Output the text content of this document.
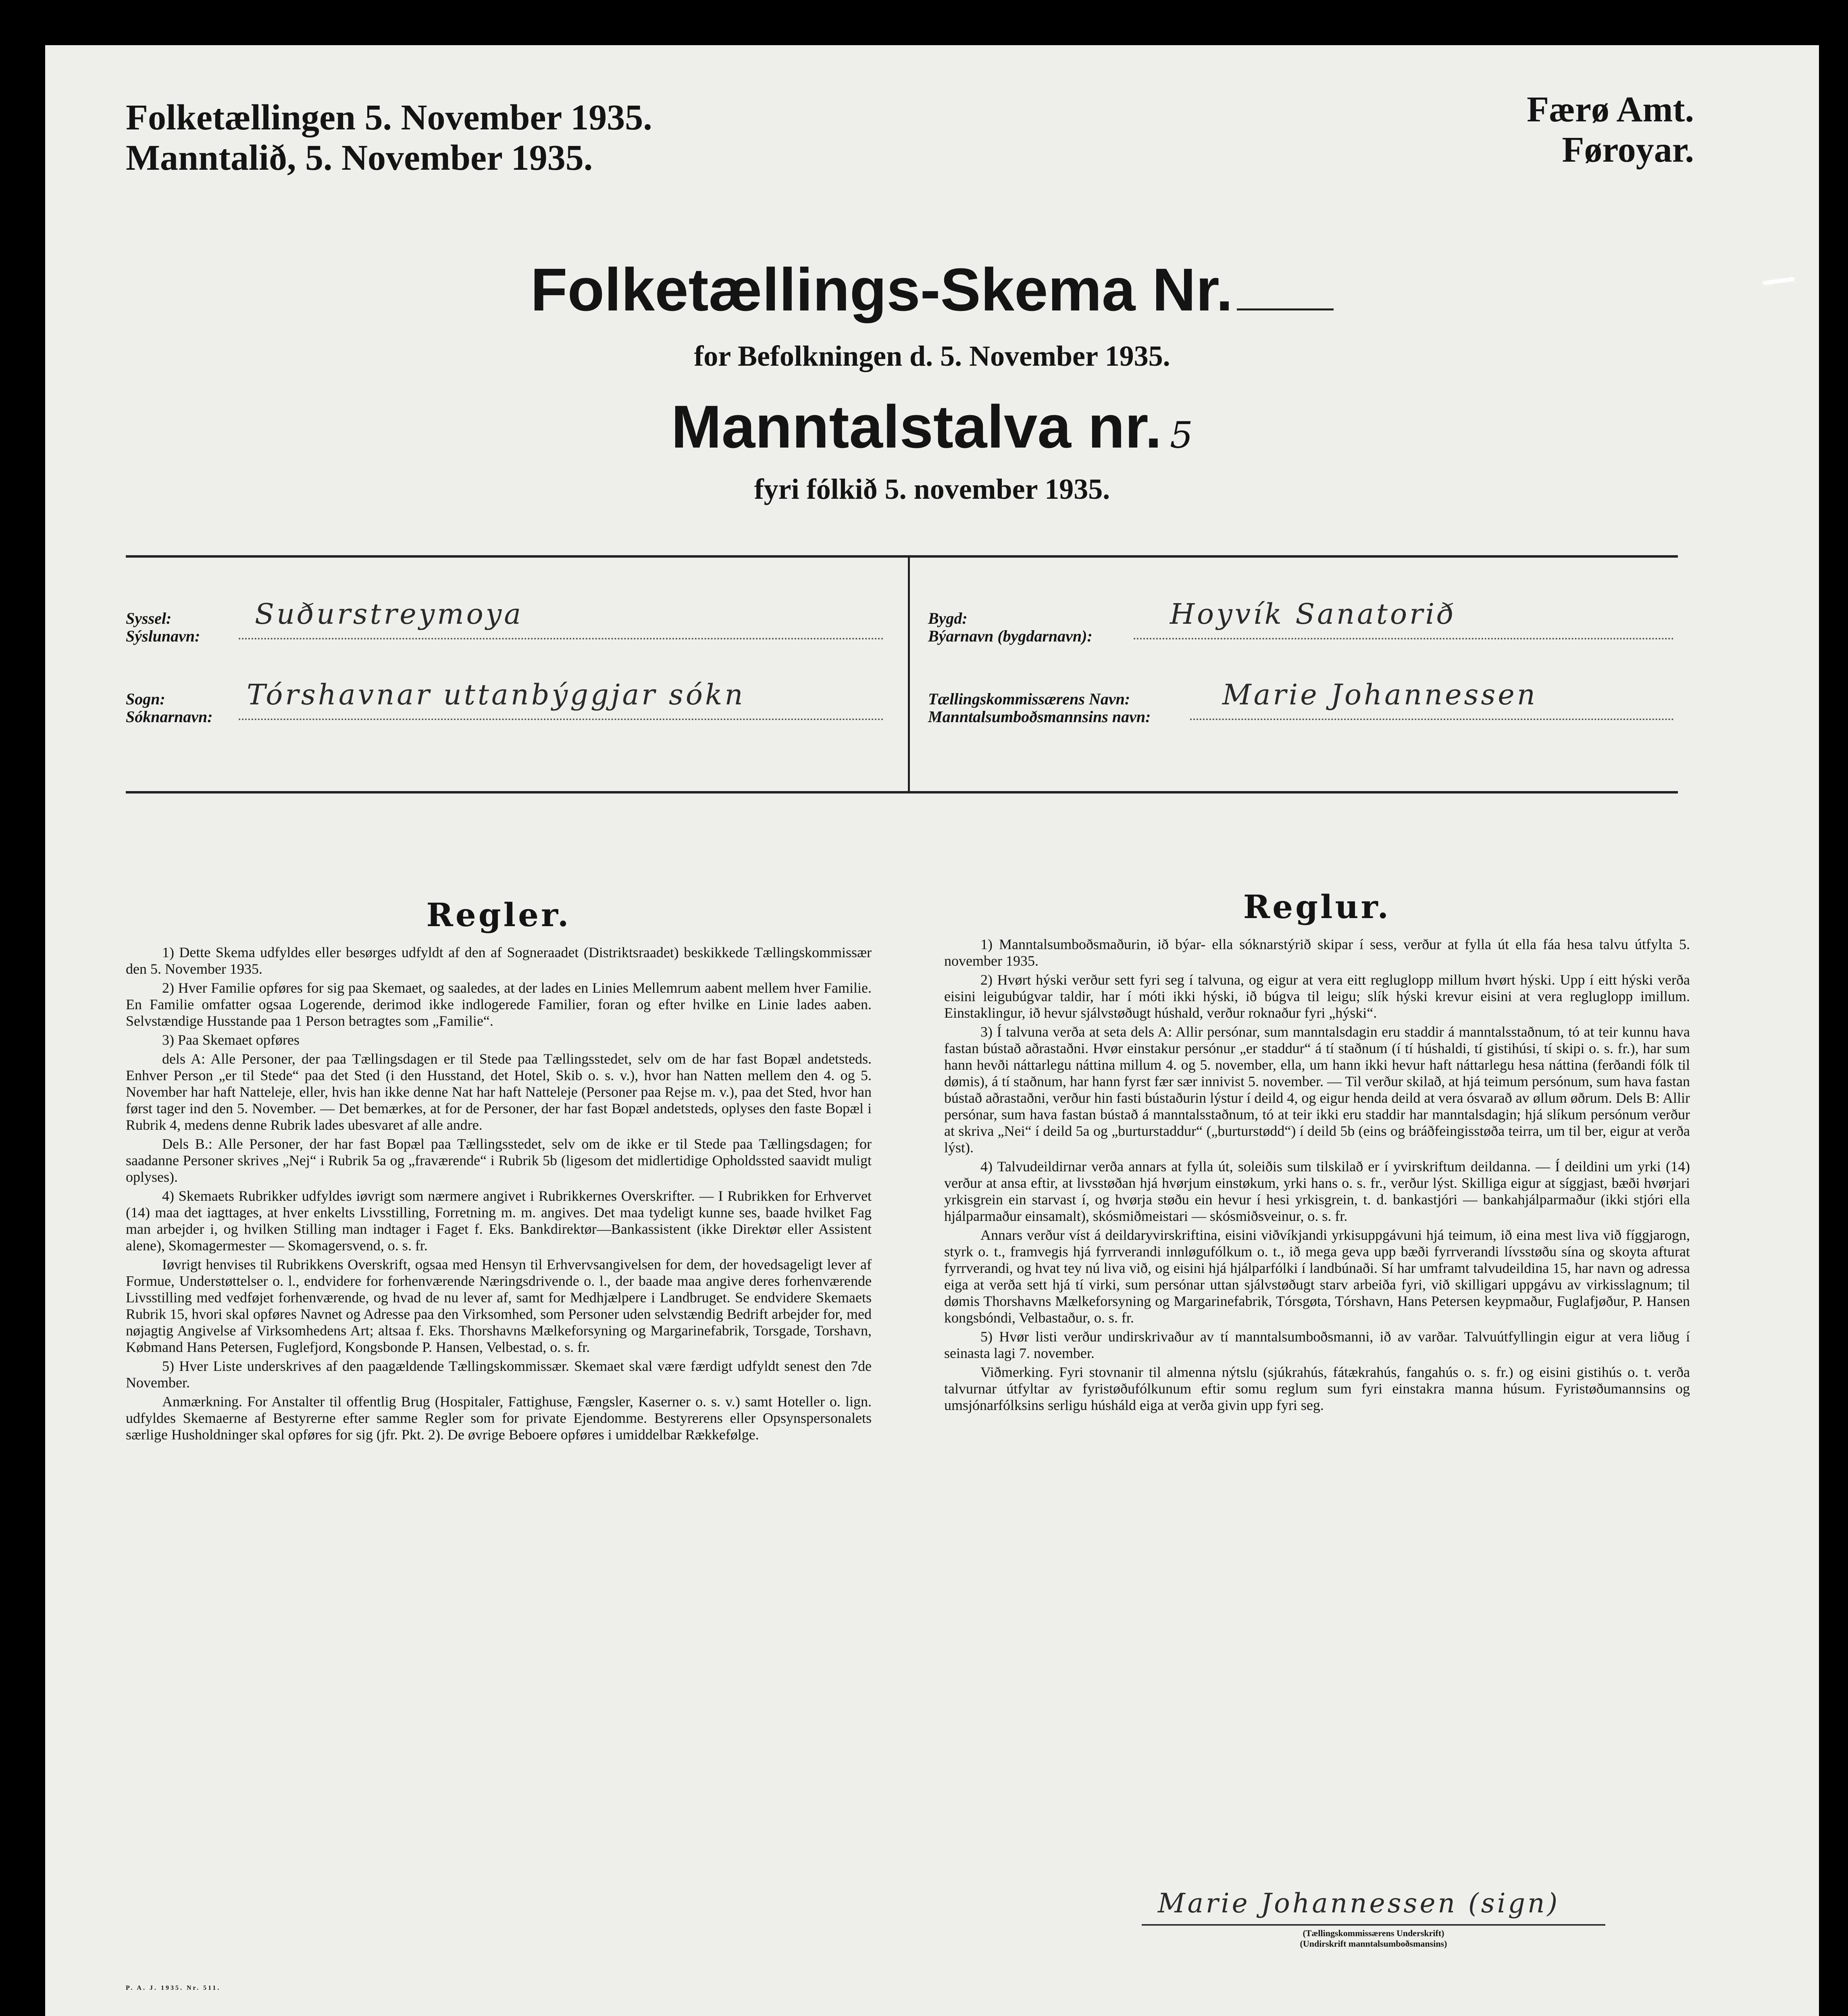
Folketællingen 5. November 1935.
Manntalið, 5. November 1935.
Færø Amt.
Føroyar.
Folketællings-Skema Nr.
for Befolkningen d. 5. November 1935.
Manntalstalva nr. 5
fyri fólkið 5. november 1935.
Syssel:
Sýslunavn:
Suðurstreymoya
Sogn:
Sóknarnavn:
Tórshavnar uttanbýggjar sókn
Bygd:
Býarnavn (bygdarnavn):
Hoyvík Sanatorið
Tællingskommissærens Navn:
Manntalsumboðsmannsins navn:
Marie Johannessen
Regler.

1) Dette Skema udfyldes eller besørges udfyldt af den af Sogneraadet (Distriktsraadet) beskikkede Tællingskommissær den 5. November 1935.

2) Hver Familie opføres for sig paa Skemaet, og saaledes, at der lades en Linies Mellemrum aabent mellem hver Familie. En Familie omfatter ogsaa Logerende, derimod ikke indlogerede Familier, foran og efter hvilke en Linie lades aaben. Selvstændige Husstande paa 1 Person betragtes som „Familie“.

3) Paa Skemaet opføres

dels A: Alle Personer, der paa Tællingsdagen er til Stede paa Tællingsstedet, selv om de har fast Bopæl andetsteds. Enhver Person „er til Stede“ paa det Sted (i den Husstand, det Hotel, Skib o. s. v.), hvor han Natten mellem den 4. og 5. November har haft Natteleje, eller, hvis han ikke denne Nat har haft Natteleje (Personer paa Rejse m. v.), paa det Sted, hvor han først tager ind den 5. November. — Det bemærkes, at for de Personer, der har fast Bopæl andetsteds, oplyses den faste Bopæl i Rubrik 4, medens denne Rubrik lades ubesvaret af alle andre.

Dels B.: Alle Personer, der har fast Bopæl paa Tællingsstedet, selv om de ikke er til Stede paa Tællingsdagen; for saadanne Personer skrives „Nej“ i Rubrik 5a og „fraværende“ i Rubrik 5b (ligesom det midlertidige Opholdssted saavidt muligt oplyses).

4) Skemaets Rubrikker udfyldes iøvrigt som nærmere angivet i Rubrikkernes Overskrifter. — I Rubrikken for Erhvervet (14) maa det iagttages, at hver enkelts Livsstilling, Forretning m. m. angives. Det maa tydeligt kunne ses, baade hvilket Fag man arbejder i, og hvilken Stilling man indtager i Faget f. Eks. Bankdirektør—Bankassistent (ikke Direktør eller Assistent alene), Skomagermester — Skomagersvend, o. s. fr.

Iøvrigt henvises til Rubrikkens Overskrift, ogsaa med Hensyn til Erhvervsangivelsen for dem, der hovedsageligt lever af Formue, Understøttelser o. l., endvidere for forhenværende Næringsdrivende o. l., der baade maa angive deres forhenværende Livsstilling med vedføjet forhenværende, og hvad de nu lever af, samt for Medhjælpere i Landbruget. Se endvidere Skemaets Rubrik 15, hvori skal opføres Navnet og Adresse paa den Virksomhed, som Personer uden selvstændig Bedrift arbejder for, med nøjagtig Angivelse af Virksomhedens Art; altsaa f. Eks. Thorshavns Mælkeforsyning og Margarinefabrik, Torsgade, Torshavn, Købmand Hans Petersen, Fuglefjord, Kongsbonde P. Hansen, Velbestad, o. s. fr.

5) Hver Liste underskrives af den paagældende Tællingskommissær. Skemaet skal være færdigt udfyldt senest den 7de November.

Anmærkning. For Anstalter til offentlig Brug (Hospitaler, Fattighuse, Fængsler, Kaserner o. s. v.) samt Hoteller o. lign. udfyldes Skemaerne af Bestyrerne efter samme Regler som for private Ejendomme. Bestyrerens eller Opsynspersonalets særlige Husholdninger skal opføres for sig (jfr. Pkt. 2). De øvrige Beboere opføres i umiddelbar Rækkefølge.

Reglur.

1) Manntalsumboðsmaðurin, ið býar- ella sóknarstýrið skipar í sess, verður at fylla út ella fáa hesa talvu útfylta 5. november 1935.

2) Hvørt hýski verður sett fyri seg í talvuna, og eigur at vera eitt regluglopp millum hvørt hýski. Upp í eitt hýski verða eisini leigubúgvar taldir, har í móti ikki hýski, ið búgva til leigu; slík hýski krevur eisini at vera regluglopp imillum. Einstaklingur, ið hevur sjálvstøðugt húshald, verður roknaður fyri „hýski“.

3) Í talvuna verða at seta dels A: Allir persónar, sum manntalsdagin eru staddir á manntalsstaðnum, tó at teir kunnu hava fastan bústað aðrastaðni. Hvør einstakur persónur „er staddur“ á tí staðnum (í tí húshaldi, tí gistihúsi, tí skipi o. s. fr.), har sum hann hevði náttarlegu náttina millum 4. og 5. november, ella, um hann ikki hevur haft náttarlegu hesa náttina (ferðandi fólk til dømis), á tí staðnum, har hann fyrst fær sær innivist 5. november. — Til verður skilað, at hjá teimum persónum, sum hava fastan bústað aðrastaðni, verður hin fasti bústaðurin lýstur í deild 4, og eigur henda deild at vera ósvarað av øllum øðrum. Dels B: Allir persónar, sum hava fastan bústað á manntalsstaðnum, tó at teir ikki eru staddir har manntalsdagin; hjá slíkum persónum verður at skriva „Nei“ í deild 5a og „burturstaddur“ („burturstødd“) í deild 5b (eins og bráðfeingisstøða teirra, um til ber, eigur at verða lýst).

4) Talvudeildirnar verða annars at fylla út, soleiðis sum tilskilað er í yvirskriftum deildanna. — Í deildini um yrki (14) verður at ansa eftir, at livsstøðan hjá hvørjum einstøkum, yrki hans o. s. fr., verður lýst. Skilliga eigur at síggjast, bæði hvørjari yrkisgrein ein starvast í, og hvørja støðu ein hevur í hesi yrkisgrein, t. d. bankastjóri — bankahjálparmaður (ikki stjóri ella hjálparmaður einsamalt), skósmiðmeistari — skósmiðsveinur, o. s. fr.

Annars verður víst á deildaryvirskriftina, eisini viðvíkjandi yrkisuppgávuni hjá teimum, ið eina mest liva við fíggjarogn, styrk o. t., framvegis hjá fyrrverandi innløgufólkum o. t., ið mega geva upp bæði fyrrverandi lívsstøðu sína og skoyta afturat fyrrverandi, og hvat tey nú liva við, og eisini hjá hjálparfólki í landbúnaði. Sí har umframt talvudeildina 15, har navn og adressa eiga at verða sett hjá tí virki, sum persónar uttan sjálvstøðugt starv arbeiða fyri, við skilligari uppgávu av virkisslagnum; til dømis Thorshavns Mælkeforsyning og Margarinefabrik, Tórsgøta, Tórshavn, Hans Petersen keypmaður, Fuglafjøður, P. Hansen kongsbóndi, Velbastaður, o. s. fr.

5) Hvør listi verður undirskrivaður av tí manntalsumboðsmanni, ið av varðar. Talvuútfyllingin eigur at vera liðug í seinasta lagi 7. november.

Viðmerking. Fyri stovnanir til almenna nýtslu (sjúkrahús, fátækrahús, fangahús o. s. fr.) og eisini gistihús o. t. verða talvurnar útfyltar av fyristøðufólkunum eftir somu reglum sum fyri einstakra manna húsum. Fyristøðumannsins og umsjónarfólksins serligu húsháld eiga at verða givin upp fyri seg.

Marie Johannessen (sign)
(Tællingskommissærens Underskrift)
(Undirskrift manntalsumboðsmansins)
P. A. J. 1935. Nr. 511.
